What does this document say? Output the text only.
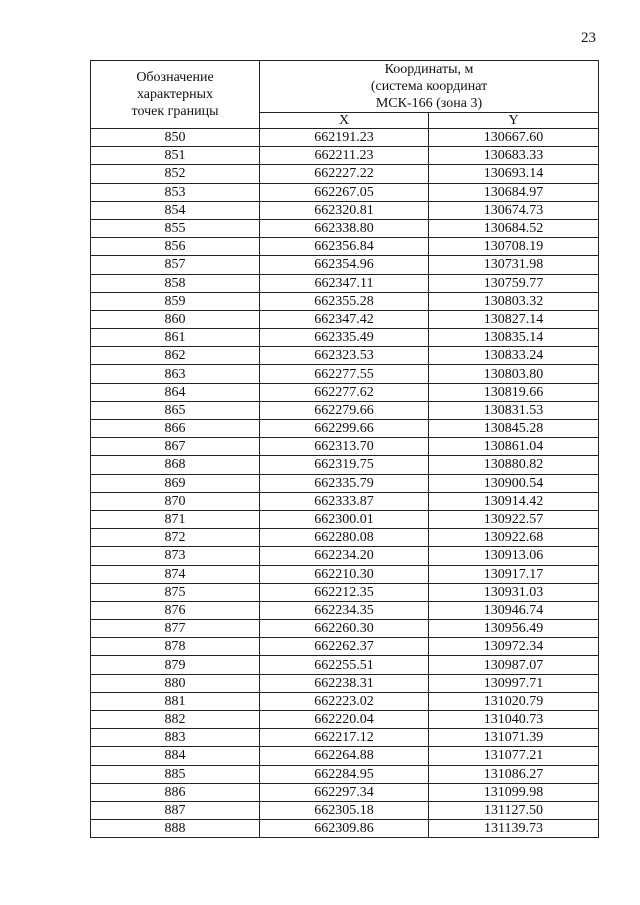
23
Обозначение
характерных
точек границы	Координаты, м
(система координат
МСК-166 (зона 3)	
	X	Y
850	662191.23	130667.60
851	662211.23	130683.33
852	662227.22	130693.14
853	662267.05	130684.97
854	662320.81	130674.73
855	662338.80	130684.52
856	662356.84	130708.19
857	662354.96	130731.98
858	662347.11	130759.77
859	662355.28	130803.32
860	662347.42	130827.14
861	662335.49	130835.14
862	662323.53	130833.24
863	662277.55	130803.80
864	662277.62	130819.66
865	662279.66	130831.53
866	662299.66	130845.28
867	662313.70	130861.04
868	662319.75	130880.82
869	662335.79	130900.54
870	662333.87	130914.42
871	662300.01	130922.57
872	662280.08	130922.68
873	662234.20	130913.06
874	662210.30	130917.17
875	662212.35	130931.03
876	662234.35	130946.74
877	662260.30	130956.49
878	662262.37	130972.34
879	662255.51	130987.07
880	662238.31	130997.71
881	662223.02	131020.79
882	662220.04	131040.73
883	662217.12	131071.39
884	662264.88	131077.21
885	662284.95	131086.27
886	662297.34	131099.98
887	662305.18	131127.50
888	662309.86	131139.73
